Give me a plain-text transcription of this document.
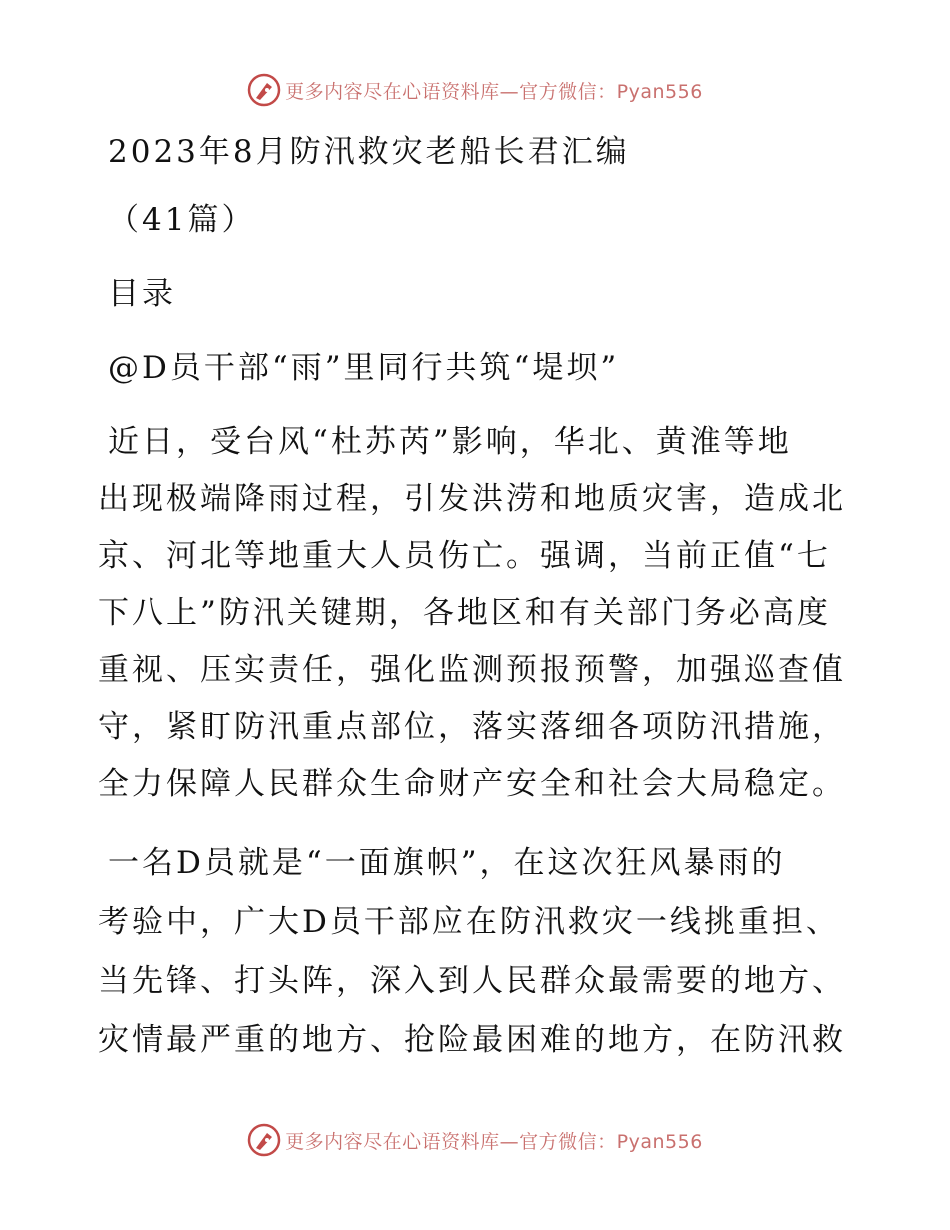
更多内容尽在心语资料库—官方微信：Pyan556
2023年8月防汛救灾老船长君汇编
（41篇）
目录
@D员干部“雨”里同行共筑“堤坝”
近日，受台风“杜苏芮”影响，华北、黄淮等地
出现极端降雨过程，引发洪涝和地质灾害，造成北
京、河北等地重大人员伤亡。强调，当前正值“七
下八上”防汛关键期，各地区和有关部门务必高度
重视、压实责任，强化监测预报预警，加强巡查值
守，紧盯防汛重点部位，落实落细各项防汛措施，
全力保障人民群众生命财产安全和社会大局稳定。
一名D员就是“一面旗帜”，在这次狂风暴雨的
考验中，广大D员干部应在防汛救灾一线挑重担、
当先锋、打头阵，深入到人民群众最需要的地方、
灾情最严重的地方、抢险最困难的地方，在防汛救
更多内容尽在心语资料库—官方微信：Pyan556
